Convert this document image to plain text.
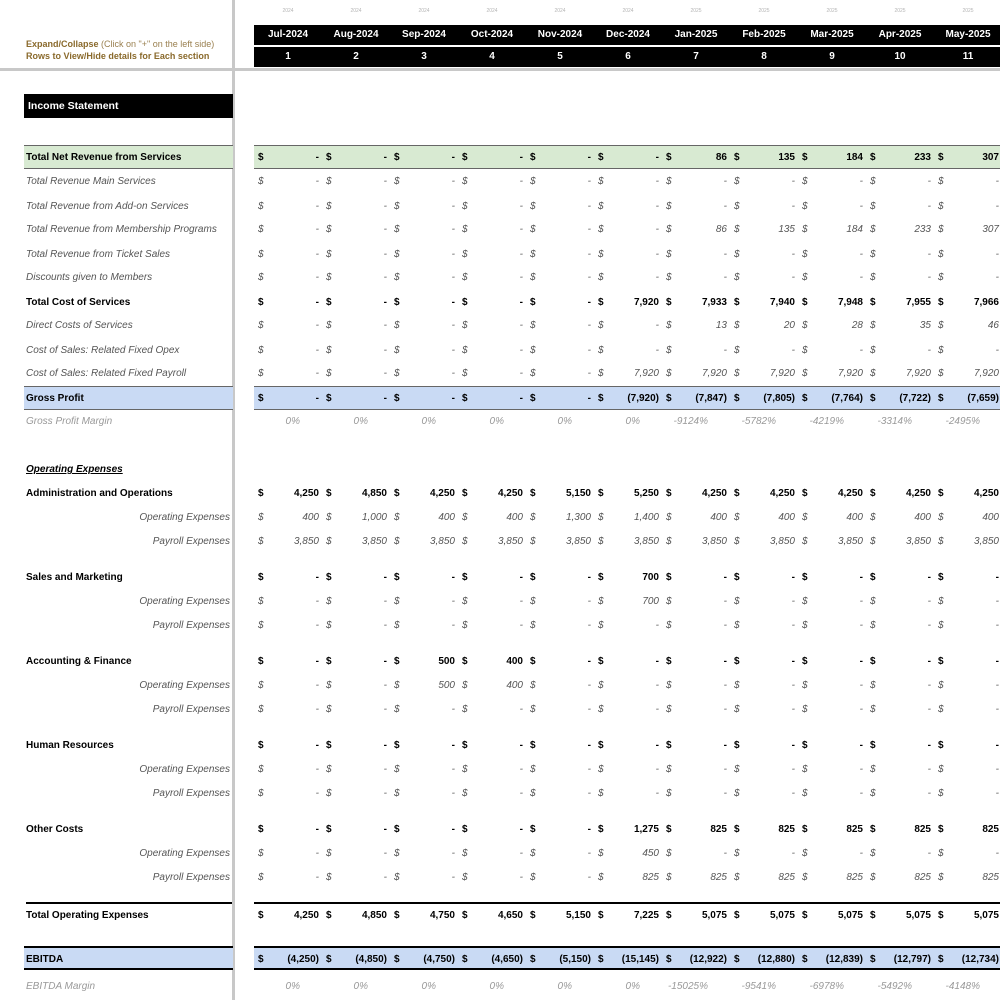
Expand/Collapse (Click on "+" on the left side) Rows to View/Hide details for Each section
2024	2024	2024	2024	2024	2024	2025	2025	2025	2025	2025
Jul-2024	Aug-2024	Sep-2024	Oct-2024	Nov-2024	Dec-2024	Jan-2025	Feb-2025	Mar-2025	Apr-2025	May-2025
1	2	3	4	5	6	7	8	9	10	11
Income Statement
Total Net Revenue from Services	$	- $	- $	- $	- $	- $	- $	86 $	135 $	184 $	233 $	307
Total Revenue Main Services	$	- $	- $	- $	- $	- $	- $	- $	- $	- $	- $	-
Total Revenue from Add-on Services	$	- $	- $	- $	- $	- $	- $	- $	- $	- $	- $	-
Total Revenue from Membership Programs	$	- $	- $	- $	- $	- $	- $	86 $	135 $	184 $	233 $	307
Total Revenue from Ticket Sales	$	- $	- $	- $	- $	- $	- $	- $	- $	- $	- $	-
Discounts given to Members	$	- $	- $	- $	- $	- $	- $	- $	- $	- $	- $	-
Total Cost of Services	$	- $	- $	- $	- $	- $	7,920 $	7,933 $	7,940 $	7,948 $	7,955 $	7,966
Direct Costs of Services	$	- $	- $	- $	- $	- $	- $	13 $	20 $	28 $	35 $	46
Cost of Sales: Related Fixed Opex	$	- $	- $	- $	- $	- $	- $	- $	- $	- $	- $	-
Cost of Sales: Related Fixed Payroll	$	- $	- $	- $	- $	- $	7,920 $	7,920 $	7,920 $	7,920 $	7,920 $	7,920
Gross Profit	$	- $	- $	- $	- $	- $ (7,920) $ (7,847) $ (7,805) $ (7,764) $ (7,722) $ (7,659)
Gross Profit Margin	0%	0%	0%	0%	0%	0%	-9124%	-5782%	-4219%	-3314%	-2495%
Operating Expenses
Administration and Operations	$	4,250 $	4,850 $	4,250 $	4,250 $	5,150 $	5,250 $	4,250 $	4,250 $	4,250 $	4,250 $	4,250
Operating Expenses	$	400 $	1,000 $	400 $	400 $	1,300 $	1,400 $	400 $	400 $	400 $	400 $	400
Payroll Expenses	$	3,850 $	3,850 $	3,850 $	3,850 $	3,850 $	3,850 $	3,850 $	3,850 $	3,850 $	3,850 $	3,850
Sales and Marketing	$	- $	- $	- $	- $	- $	700 $	- $	- $	- $	- $	-
Operating Expenses	$	- $	- $	- $	- $	- $	700 $	- $	- $	- $	- $	-
Payroll Expenses	$	- $	- $	- $	- $	- $	- $	- $	- $	- $	- $	-
Accounting & Finance	$	- $	- $	500 $	400 $	- $	- $	- $	- $	- $	- $	-
Operating Expenses	$	- $	- $	500 $	400 $	- $	- $	- $	- $	- $	- $	-
Payroll Expenses	$	- $	- $	- $	- $	- $	- $	- $	- $	- $	- $	-
Human Resources	$	- $	- $	- $	- $	- $	- $	- $	- $	- $	- $	-
Operating Expenses	$	- $	- $	- $	- $	- $	- $	- $	- $	- $	- $	-
Payroll Expenses	$	- $	- $	- $	- $	- $	- $	- $	- $	- $	- $	-
Other Costs	$	- $	- $	- $	- $	- $	1,275 $	825 $	825 $	825 $	825 $	825
Operating Expenses	$	- $	- $	- $	- $	- $	450 $	- $	- $	- $	- $	-
Payroll Expenses	$	- $	- $	- $	- $	- $	825 $	825 $	825 $	825 $	825 $	825
Total Operating Expenses	$	4,250 $	4,850 $	4,750 $	4,650 $	5,150 $	7,225 $	5,075 $	5,075 $	5,075 $	5,075 $	5,075
EBITDA	$ (4,250) $ (4,850) $ (4,750) $ (4,650) $ (5,150) $ (15,145) $ (12,922) $ (12,880) $ (12,839) $ (12,797) $ (12,734)
EBITDA Margin	0%	0%	0%	0%	0%	0%	-15025%	-9541%	-6978%	-5492%	-4148%
